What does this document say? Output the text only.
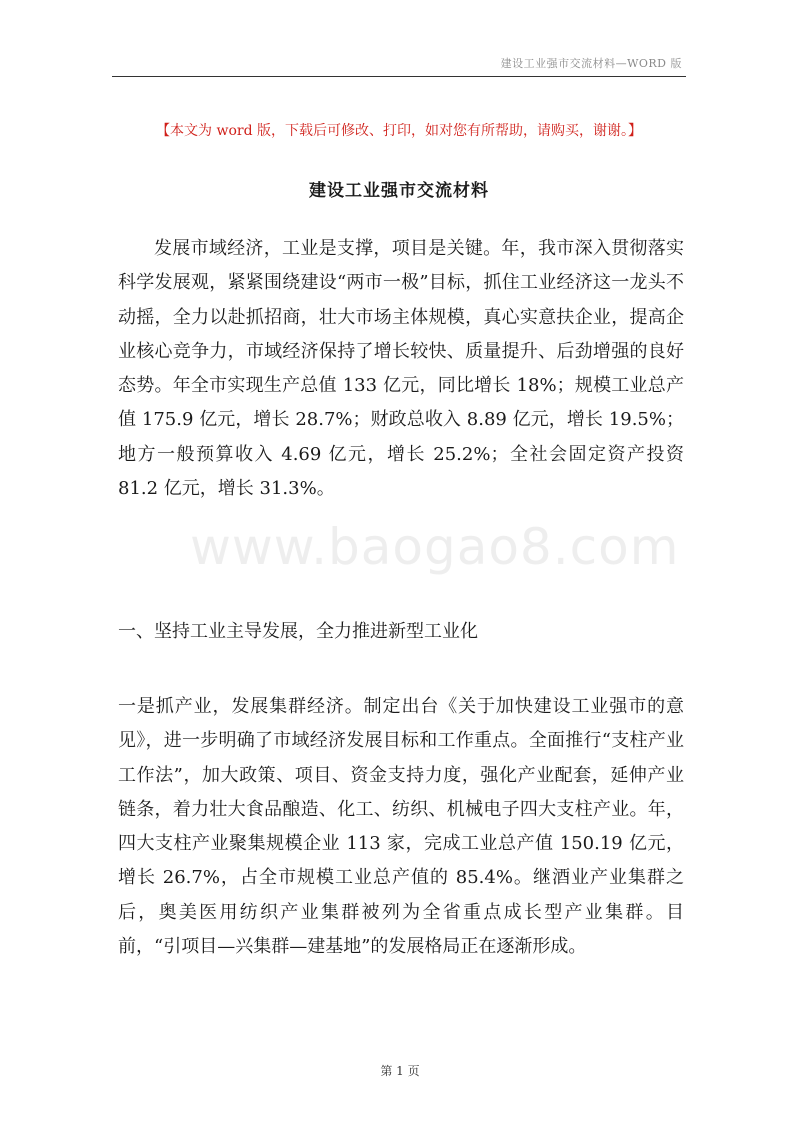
建设工业强市交流材料—WORD 版
【本文为 word 版，下载后可修改、打印，如对您有所帮助，请购买，谢谢。】
建设工业强市交流材料

发展市域经济，工业是支撑，项目是关键。年，我市深入贯彻落实科学发展观，紧紧围绕建设“两市一极”目标，抓住工业经济这一龙头不动摇，全力以赴抓招商，壮大市场主体规模，真心实意扶企业，提高企业核心竞争力，市域经济保持了增长较快、质量提升、后劲增强的良好态势。年全市实现生产总值 133 亿元，同比增长 18%；规模工业总产值 175.9 亿元，增长 28.7%；财政总收入 8.89 亿元，增长 19.5%；地方一般预算收入 4.69 亿元，增长 25.2%；全社会固定资产投资 81.2 亿元，增长 31.3%。

www.baogao8.com

一、坚持工业主导发展，全力推进新型工业化

一是抓产业，发展集群经济。制定出台《关于加快建设工业强市的意见》，进一步明确了市域经济发展目标和工作重点。全面推行“支柱产业工作法”，加大政策、项目、资金支持力度，强化产业配套，延伸产业链条，着力壮大食品酿造、化工、纺织、机械电子四大支柱产业。年，四大支柱产业聚集规模企业 113 家，完成工业总产值 150.19 亿元，增长 26.7%，占全市规模工业总产值的 85.4%。继酒业产业集群之后，奥美医用纺织产业集群被列为全省重点成长型产业集群。目前，“引项目—兴集群—建基地”的发展格局正在逐渐形成。

第 1 页
